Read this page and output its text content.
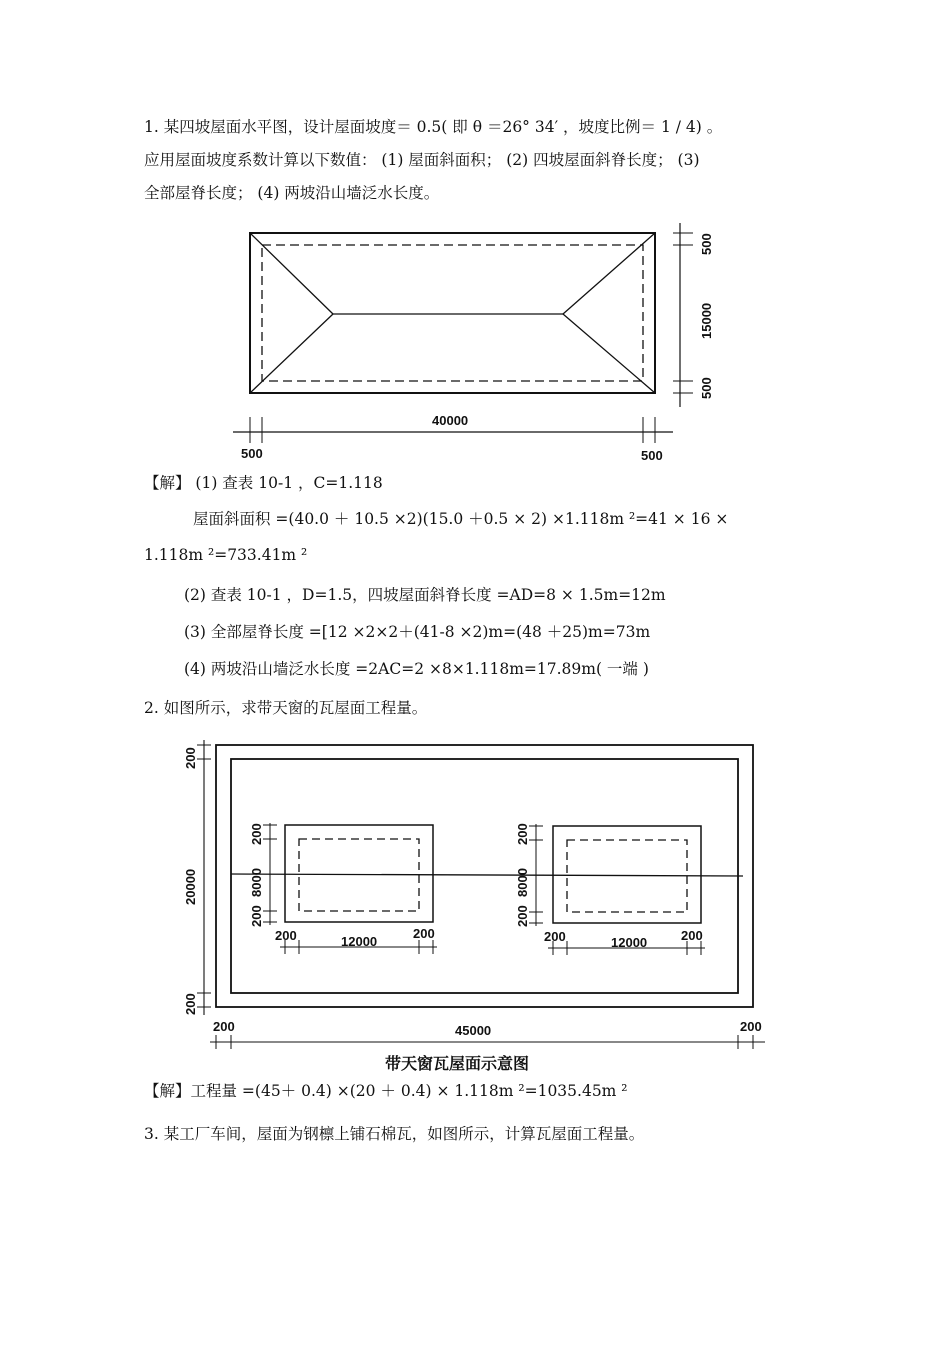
1. 某四坡屋面水平图，设计屋面坡度＝ 0.5( 即 θ ＝26° 34′ ，坡度比例＝ 1 / 4) 。
应用屋面坡度系数计算以下数值： (1) 屋面斜面积； (2) 四坡屋面斜脊长度； (3)
全部屋脊长度； (4) 两坡沿山墙泛水长度。
500
15000
500
40000
500	500
【解】 (1) 查表 10-1 ，C=1.118
屋面斜面积 =(40.0 ＋ 10.5 ×2)(15.0 ＋0.5 × 2) ×1.118m ²=41 × 16 ×
1.118m ²=733.41m ²
(2) 查表 10-1 ，D=1.5，四坡屋面斜脊长度 =AD=8 × 1.5m=12m
(3) 全部屋脊长度 =[12 ×2×2＋(41-8 ×2)m=(48 ＋25)m=73m
(4) 两坡沿山墙泛水长度 =2AC=2 ×8×1.118m=17.89m( 一端 )
2. 如图所示，求带天窗的瓦屋面工程量。
200
20000
200
200
8000
200
200
8000
200
200	12000
200	200	12000	200
200	45000	200
带天窗瓦屋面示意图
【解】工程量 =(45＋ 0.4) ×(20 ＋ 0.4) × 1.118m ²=1035.45m ²
3. 某工厂车间，屋面为钢檩上铺石棉瓦，如图所示，计算瓦屋面工程量。
